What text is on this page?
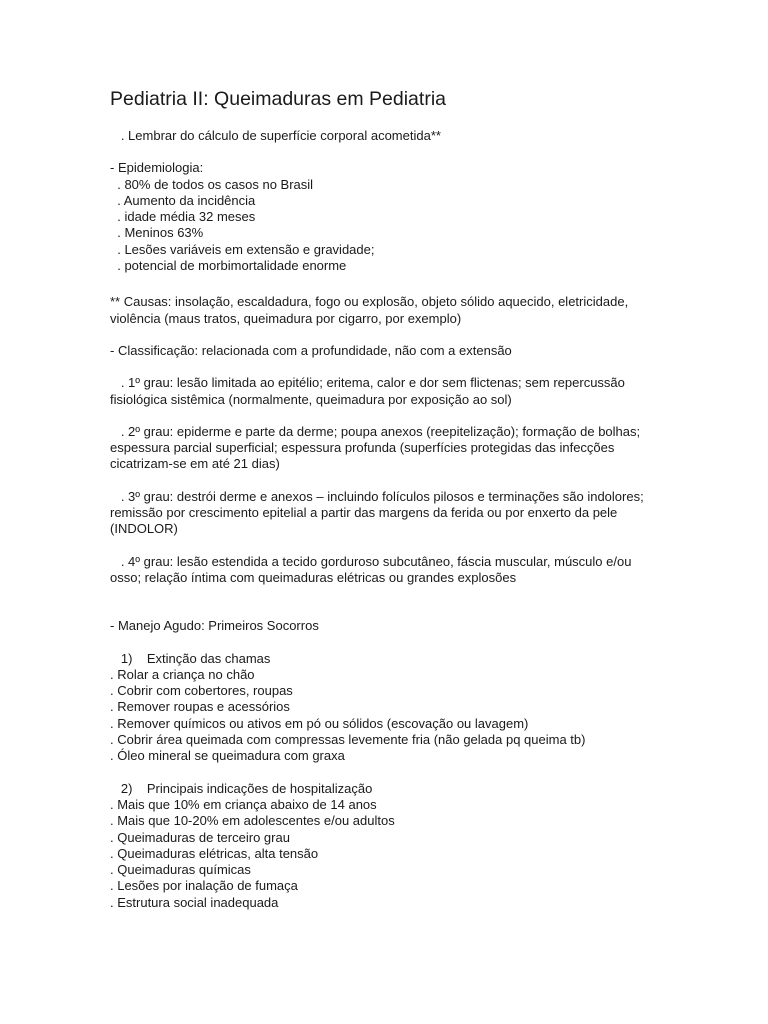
Pediatria II: Queimaduras em Pediatria

. Lembrar do cálculo de superfície corporal acometida**

- Epidemiologia:

. 80% de todos os casos no Brasil

. Aumento da incidência

. idade média 32 meses

. Meninos 63%

. Lesões variáveis em extensão e gravidade;

. potencial de morbimortalidade enorme

** Causas: insolação, escaldadura, fogo ou explosão, objeto sólido aquecido, eletricidade,

violência (maus tratos, queimadura por cigarro, por exemplo)

- Classificação: relacionada com a profundidade, não com a extensão

. 1º grau: lesão limitada ao epitélio; eritema, calor e dor sem flictenas; sem repercussão

fisiológica sistêmica (normalmente, queimadura por exposição ao sol)

. 2º grau: epiderme e parte da derme; poupa anexos (reepitelização); formação de bolhas;

espessura parcial superficial; espessura profunda (superfícies protegidas das infecções

cicatrizam-se em até 21 dias)

. 3º grau: destrói derme e anexos – incluindo folículos pilosos e terminações são indolores;

remissão por crescimento epitelial a partir das margens da ferida ou por enxerto da pele

(INDOLOR)

. 4º grau: lesão estendida a tecido gorduroso subcutâneo, fáscia muscular, músculo e/ou

osso; relação íntima com queimaduras elétricas ou grandes explosões

- Manejo Agudo: Primeiros Socorros

1)    Extinção das chamas

. Rolar a criança no chão

. Cobrir com cobertores, roupas

. Remover roupas e acessórios

. Remover químicos ou ativos em pó ou sólidos (escovação ou lavagem)

. Cobrir área queimada com compressas levemente fria (não gelada pq queima tb)

. Óleo mineral se queimadura com graxa

2)    Principais indicações de hospitalização

. Mais que 10% em criança abaixo de 14 anos

. Mais que 10-20% em adolescentes e/ou adultos

. Queimaduras de terceiro grau

. Queimaduras elétricas, alta tensão

. Queimaduras químicas

. Lesões por inalação de fumaça

. Estrutura social inadequada
